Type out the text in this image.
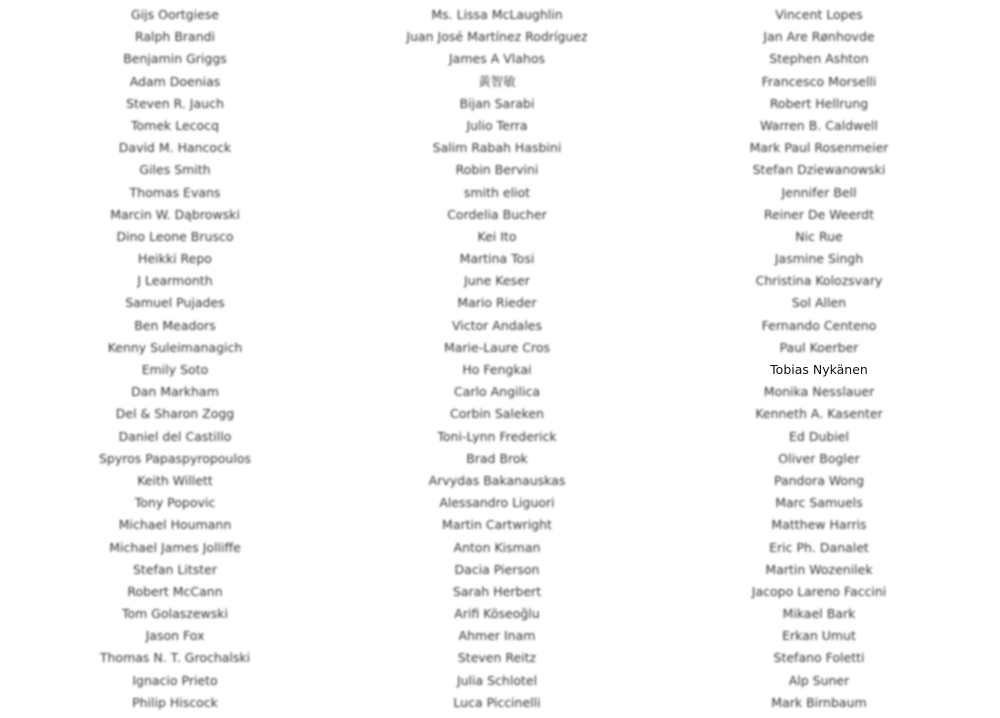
Gijs Oortgiese
Ralph Brandi
Benjamin Griggs
Adam Doenias
Steven R. Jauch
Tomek Lecocq
David M. Hancock
Giles Smith
Thomas Evans
Marcin W. Dąbrowski
Dino Leone Brusco
Heikki Repo
J Learmonth
Samuel Pujades
Ben Meadors
Kenny Suleimanagich
Emily Soto
Dan Markham
Del & Sharon Zogg
Daniel del Castillo
Spyros Papaspyropoulos
Keith Willett
Tony Popovic
Michael Houmann
Michael James Jolliffe
Stefan Litster
Robert McCann
Tom Golaszewski
Jason Fox
Thomas N. T. Grochalski
Ignacio Prieto
Philip Hiscock
Ms. Lissa McLaughlin
Juan José Martínez Rodríguez
James A Vlahos
黃智敏
Bijan Sarabi
Julio Terra
Salim Rabah Hasbini
Robin Bervini
smith eliot
Cordelia Bucher
Kei Ito
Martina Tosi
June Keser
Mario Rieder
Victor Andales
Marie-Laure Cros
Ho Fengkai
Carlo Angilica
Corbin Saleken
Toni-Lynn Frederick
Brad Brok
Arvydas Bakanauskas
Alessandro Liguori
Martin Cartwright
Anton Kisman
Dacia Pierson
Sarah Herbert
Arifi Köseoğlu
Ahmer Inam
Steven Reitz
Julia Schlotel
Luca Piccinelli
Vincent Lopes
Jan Are Rønhovde
Stephen Ashton
Francesco Morselli
Robert Hellrung
Warren B. Caldwell
Mark Paul Rosenmeier
Stefan Dziewanowski
Jennifer Bell
Reiner De Weerdt
Nic Rue
Jasmine Singh
Christina Kolozsvary
Sol Allen
Fernando Centeno
Paul Koerber
Tobias Nykänen
Monika Nesslauer
Kenneth A. Kasenter
Ed Dubiel
Oliver Bogler
Pandora Wong
Marc Samuels
Matthew Harris
Eric Ph. Danalet
Martin Wozenilek
Jacopo Lareno Faccini
Mikael Bark
Erkan Umut
Stefano Foletti
Alp Suner
Mark Birnbaum
